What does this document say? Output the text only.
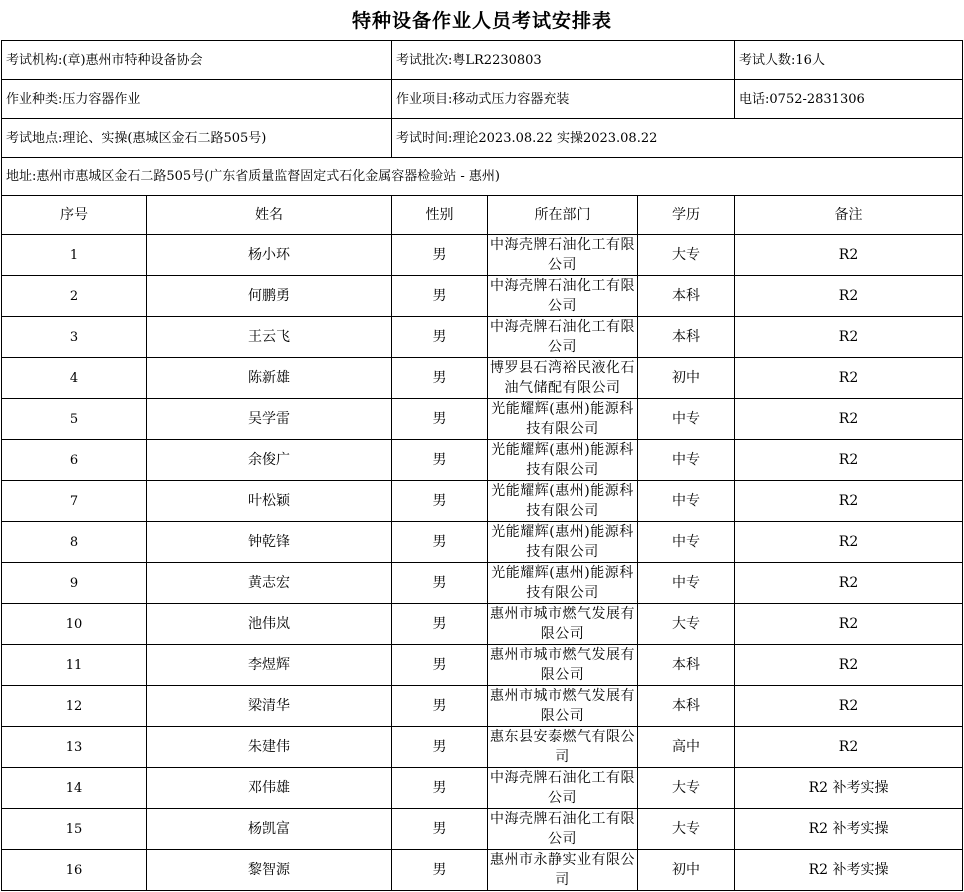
特种设备作业人员考试安排表
考试机构:(章)惠州市特种设备协会		考试批次:粤LR2230803			考试人数:16人
作业种类:压力容器作业		作业项目:移动式压力容器充装			电话:0752-2831306
考试地点:理论、实操(惠城区金石二路505号)		考试时间:理论2023.08.22 实操2023.08.22			
地址:惠州市惠城区金石二路505号(广东省质量监督固定式石化金属容器检验站 - 惠州)					
序号	姓名	性别	所在部门	学历	备注
1	杨小环	男	中海壳牌石油化工有限公司	大专	R2
2	何鹏勇	男	中海壳牌石油化工有限公司	本科	R2
3	王云飞	男	中海壳牌石油化工有限公司	本科	R2
4	陈新雄	男	博罗县石湾裕民液化石油气储配有限公司	初中	R2
5	吴学雷	男	光能耀辉(惠州)能源科技有限公司	中专	R2
6	余俊广	男	光能耀辉(惠州)能源科技有限公司	中专	R2
7	叶松颖	男	光能耀辉(惠州)能源科技有限公司	中专	R2
8	钟乾锋	男	光能耀辉(惠州)能源科技有限公司	中专	R2
9	黄志宏	男	光能耀辉(惠州)能源科技有限公司	中专	R2
10	池伟岚	男	惠州市城市燃气发展有限公司	大专	R2
11	李煜辉	男	惠州市城市燃气发展有限公司	本科	R2
12	梁清华	男	惠州市城市燃气发展有限公司	本科	R2
13	朱建伟	男	惠东县安泰燃气有限公司	高中	R2
14	邓伟雄	男	中海壳牌石油化工有限公司	大专	R2 补考实操
15	杨凯富	男	中海壳牌石油化工有限公司	大专	R2 补考实操
16	黎智源	男	惠州市永静实业有限公司	初中	R2 补考实操
